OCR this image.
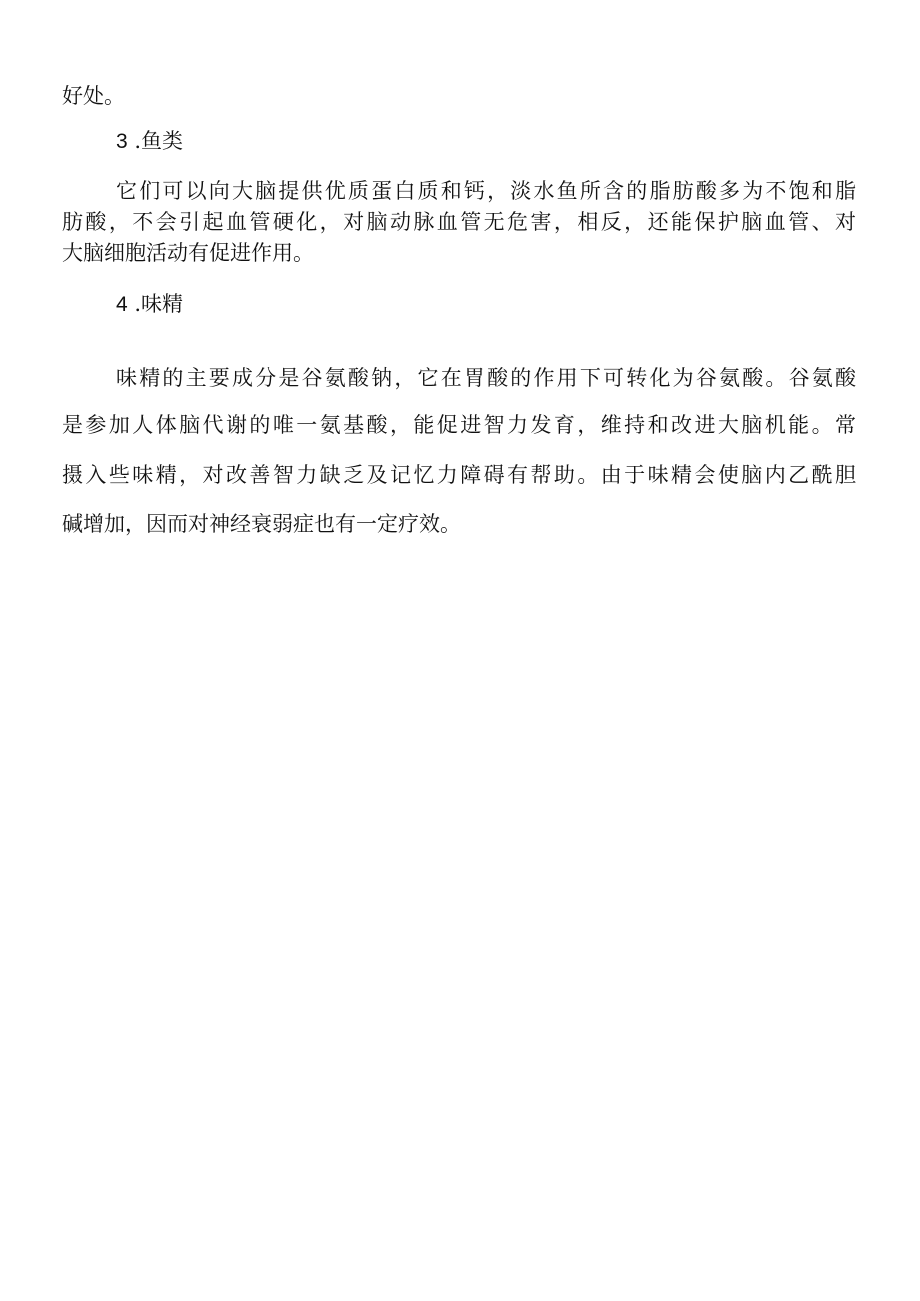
好处。
3 .鱼类
它们可以向大脑提供优质蛋白质和钙，淡水鱼所含的脂肪酸多为不饱和脂
肪酸，不会引起血管硬化，对脑动脉血管无危害，相反，还能保护脑血管、对
大脑细胞活动有促进作用。
4 .味精
味精的主要成分是谷氨酸钠，它在胃酸的作用下可转化为谷氨酸。谷氨酸
是参加人体脑代谢的唯一氨基酸，能促进智力发育，维持和改进大脑机能。常
摄入些味精，对改善智力缺乏及记忆力障碍有帮助。由于味精会使脑内乙酰胆
碱增加，因而对神经衰弱症也有一定疗效。
